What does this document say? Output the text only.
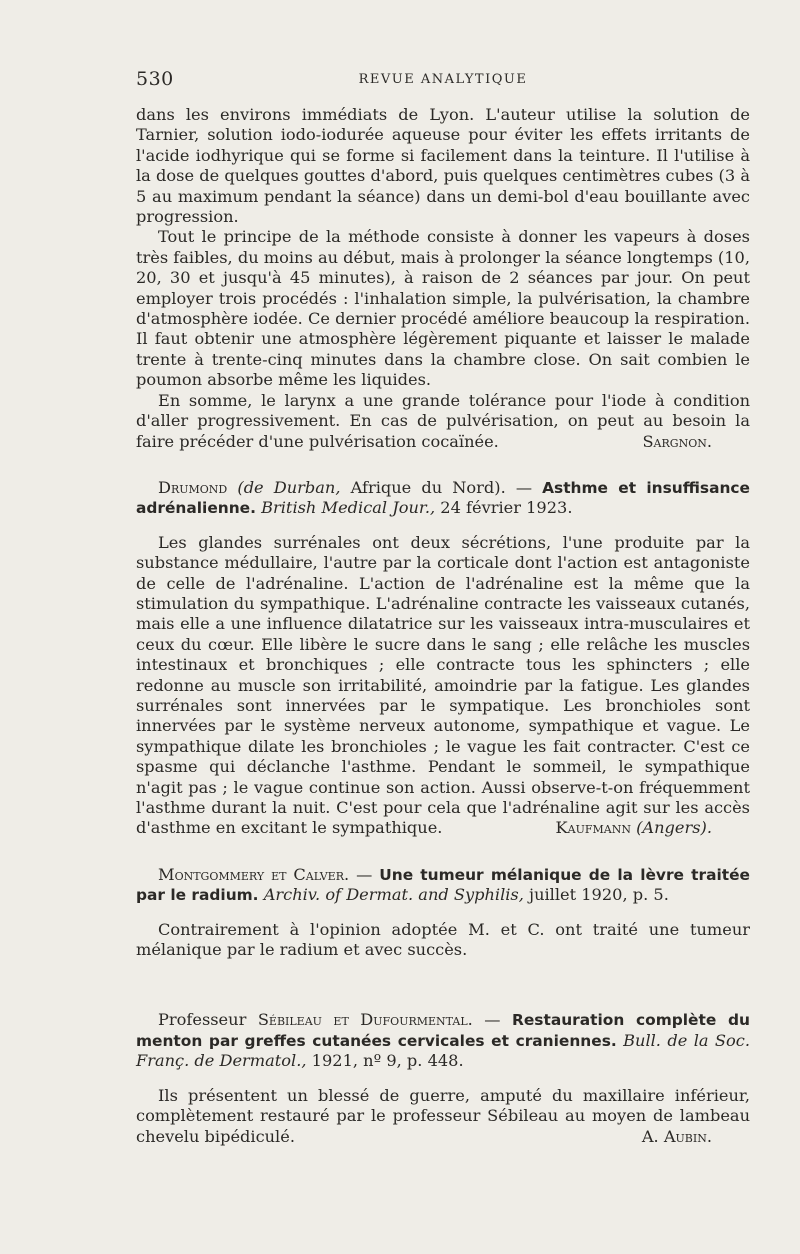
530	REVUE ANALYTIQUE

dans les environs immédiats de Lyon. L'auteur utilise la solution de Tarnier, solution iodo-iodurée aqueuse pour éviter les effets irritants de l'acide iodhyrique qui se forme si facilement dans la teinture. Il l'utilise à la dose de quelques gouttes d'abord, puis quelques centimètres cubes (3 à 5 au maximum pendant la séance) dans un demi-bol d'eau bouillante avec progression.

Tout le principe de la méthode consiste à donner les vapeurs à doses très faibles, du moins au début, mais à prolonger la séance longtemps (10, 20, 30 et jusqu'à 45 minutes), à raison de 2 séances par jour. On peut employer trois procédés : l'inhalation simple, la pulvérisation, la chambre d'atmosphère iodée. Ce dernier procédé améliore beaucoup la respiration. Il faut obtenir une atmosphère légèrement piquante et laisser le malade trente à trente-cinq minutes dans la chambre close. On sait combien le poumon absorbe même les liquides.

En somme, le larynx a une grande tolérance pour l'iode à condition d'aller progressivement. En cas de pulvérisation, on peut au besoin la faire précéder d'une pulvérisation cocaïnée.	Sargnon.

Drumond (de Durban, Afrique du Nord). — Asthme et insuffisance adrénalienne. British Medical Jour., 24 février 1923.

Les glandes surrénales ont deux sécrétions, l'une produite par la substance médullaire, l'autre par la corticale dont l'action est antagoniste de celle de l'adrénaline. L'action de l'adrénaline est la même que la stimulation du sympathique. L'adrénaline contracte les vaisseaux cutanés, mais elle a une influence dilatatrice sur les vaisseaux intra-musculaires et ceux du cœur. Elle libère le sucre dans le sang ; elle relâche les muscles intestinaux et bronchiques ; elle contracte tous les sphincters ; elle redonne au muscle son irritabilité, amoindrie par la fatigue. Les glandes surrénales sont innervées par le sympatique. Les bronchioles sont innervées par le système nerveux autonome, sympathique et vague. Le sympathique dilate les bronchioles ; le vague les fait contracter. C'est ce spasme qui déclanche l'asthme. Pendant le sommeil, le sympathique n'agit pas ; le vague continue son action. Aussi observe-t-on fréquemment l'asthme durant la nuit. C'est pour cela que l'adrénaline agit sur les accès d'asthme en excitant le sympathique.	Kaufmann (Angers).

Montgommery et Calver. — Une tumeur mélanique de la lèvre traitée par le radium. Archiv. of Dermat. and Syphilis, juillet 1920, p. 5.

Contrairement à l'opinion adoptée M. et C. ont traité une tumeur mélanique par le radium et avec succès.

Professeur Sébileau et Dufourmental. — Restauration complète du menton par greffes cutanées cervicales et craniennes. Bull. de la Soc. Franç. de Dermatol., 1921, nº 9, p. 448.

Ils présentent un blessé de guerre, amputé du maxillaire inférieur, complètement restauré par le professeur Sébileau au moyen de lambeau chevelu bipédiculé.	A. Aubin.
